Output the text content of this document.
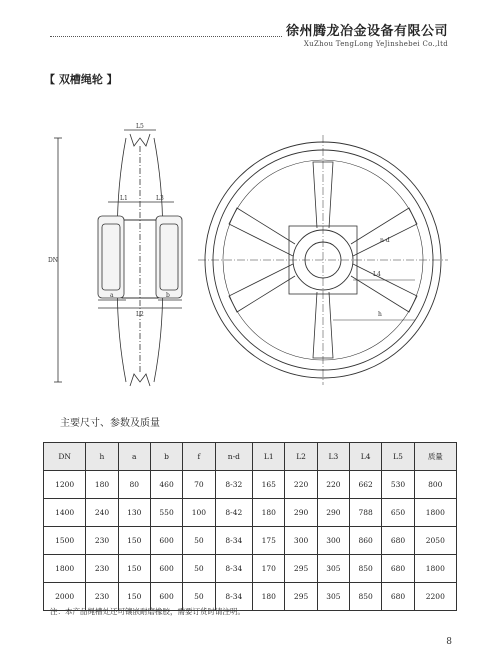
徐州腾龙冶金设备有限公司
XuZhou TengLong YeJinshebei Co.,ltd
【 双槽绳轮 】
L5
L1	L3
L2
DN
a	b
L4
h
n-d
主要尺寸、参数及质量
DN	h	a	b	f	n-d	L1	L2	L3	L4	L5	质量
1200	180	80	460	70	8-32	165	220	220	662	530	800
1400	240	130	550	100	8-42	180	290	290	788	650	1800
1500	230	150	600	50	8-34	175	300	300	860	680	2050
1800	230	150	600	50	8-34	170	295	305	850	680	1800
2000	230	150	600	50	8-34	180	295	305	850	680	2200
注：本产品绳槽处还可镶嵌耐磨橡胶，需要订货时请注明。
8
